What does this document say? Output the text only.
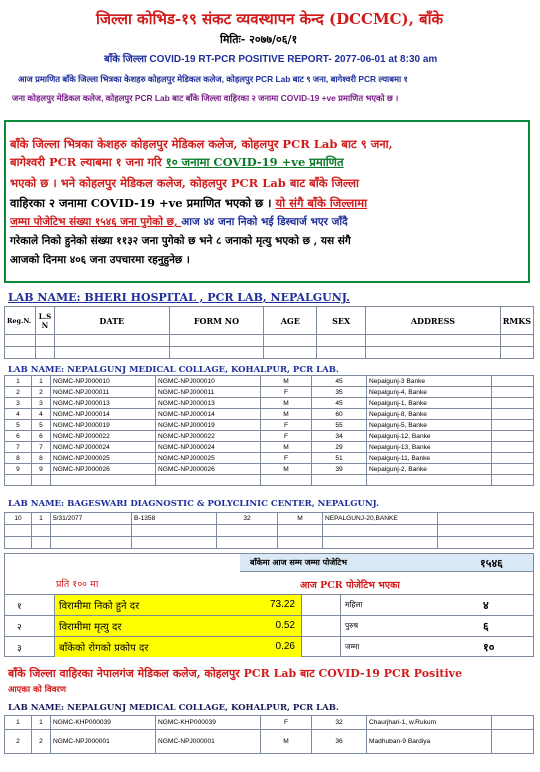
जिल्ला कोभिड-१९ संकट व्यवस्थापन केन्द (DCCMC), बाँके
मितिः- २०७७/०६/१
बाँके जिल्ला COVID-19 RT-PCR POSITIVE REPORT- 2077-06-01 at 8:30 am
आज प्रमाणित बाँके जिल्ला भित्रका केशहरु कोहलपुर मेडिकल कलेज, कोहलपुर PCR Lab बाट ९ जना, बागेश्वरी PCR ल्याबमा १
जना कोहलपुर मेडिकल कलेज, कोहलपुर PCR Lab बाट बाँके जिल्ला वाहिरका २ जनामा COVID-19 +ve प्रमाणित भएको छ ।
बाँके जिल्ला भित्रका केशहरु कोहलपुर मेडिकल कलेज, कोहलपुर PCR Lab बाट ९ जना,
बागेश्वरी PCR ल्याबमा १ जना गरि १० जनामा COVID-19 +ve प्रमाणित
भएको छ । भने कोहलपुर मेडिकल कलेज, कोहलपुर PCR Lab बाट बाँके जिल्ला
वाहिरका २ जनामा COVID-19 +ve प्रमाणित भएको छ । यो संगै बाँके जिल्लामा
जम्मा पोजेटिभ संख्या १५४६ जना पुगेको छ, आज ४४ जना निको भई डिस्चार्ज भएर जाँदै
गरेकाले निको हुनेको संख्या ११३२ जना पुगेको छ भने ८ जनाको मृत्यु भएको छ , यस संगै
आजको दिनमा ४०६ जना उपचारमा रहनुहुनेछ ।
LAB NAME: BHERI HOSPITAL , PCR LAB, NEPALGUNJ.
Reg.N.	L.S N	DATE	FORM NO	AGE	SEX	ADDRESS	RMKS

LAB NAME: NEPALGUNJ MEDICAL COLLAGE, KOHALPUR, PCR LAB.
1	1	NGMC-NPJ000010	NGMC-NPJ000010	M	45	Nepalgunj-3 Banke	
2	2	NGMC-NPJ000011	NGMC-NPJ000011	F	35	Nepalgunj-4, Banke	
3	3	NGMC-NPJ000013	NGMC-NPJ000013	M	45	Nepalgunj-1, Banke	
4	4	NGMC-NPJ000014	NGMC-NPJ000014	M	60	Nepalgunj-8, Banke	
5	5	NGMC-NPJ000019	NGMC-NPJ000019	F	55	Nepalgunj-5, Banke	
6	6	NGMC-NPJ000022	NGMC-NPJ000022	F	34	Nepalgunj-12, Banke	
7	7	NGMC-NPJ000024	NGMC-NPJ000024	M	29	Nepalgunj-13, Banke	
8	8	NGMC-NPJ000025	NGMC-NPJ000025	F	51	Nepalgunj-11, Banke	
9	9	NGMC-NPJ000026	NGMC-NPJ000026	M	39	Nepalgunj-2, Banke	

LAB NAME: BAGESWARI DIAGNOSTIC & POLYCLINIC CENTER, NEPALGUNJ.
10	1	5/31/2077	B-1358	32	M	NEPALGUNJ-20,BANKE	

बाँकेमा आज सम्म जम्मा पोजेटिभ	१५४६
प्रति १०० मा	आज PCR पोजेटिभ भएका
१	विरामीमा निको हुने दर	73.22	महिला	४
२	विरामीमा मृत्यु दर	0.52	पुरुष	६
३	बाँकेको रोगको प्रकोप दर	0.26	जम्मा	१०
बाँके जिल्ला वाहिरका नेपालगंज मेडिकल कलेज, कोहलपुर PCR Lab बाट COVID-19 PCR Positive
आएका को विवरण
LAB NAME: NEPALGUNJ MEDICAL COLLAGE, KOHALPUR, PCR LAB.
1	1	NGMC-KHP000039	NGMC-KHP000039	F	32	Chaurjhari-1, w.Rukum	
2	2	NGMC-NPJ000001	NGMC-NPJ000001	M	36	Madhuban-9 Bardiya	
